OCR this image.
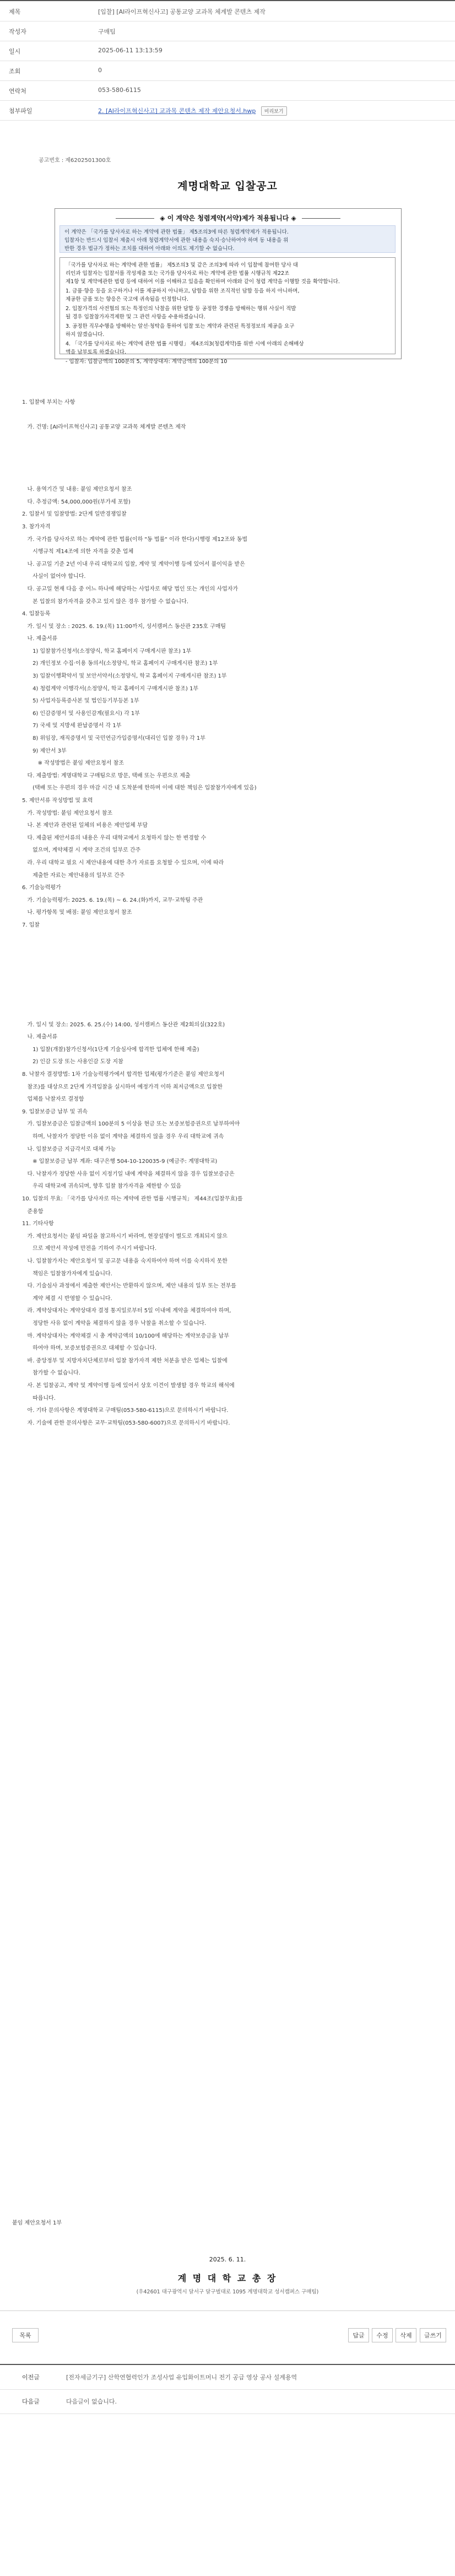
제목	[입찰] [AI라이프혁신사고] 공통교양 교과목 체계발 콘텐츠 제작
작성자	구매팀
일시	2025-06-11 13:13:59
조회	0
연락처	053-580-6115
첨부파일	2. [AI라이프혁신사고] 교과목 콘텐츠 제작 제안요청서.hwp 미리보기
공고번호 : 제6202501300호
계명대학교 입찰공고
◈ 이 계약은 청렴계약(서약)제가 적용됩니다 ◈
이 계약은 「국가를 당사자로 하는 계약에 관한 법률」 제5조의3에 따른 청렴계약제가 적용됩니다.
입찰자는 반드시 입찰서 제출시 아래 청렴계약서에 관한 내용을 숙지·승낙하여야 하며 동 내용을 위
반한 경우 법규가 정하는 조치를 대하여 아래와 이의도 제기할 수 없습니다.

「국가를 당사자로 하는 계약에 관한 법률」 제5조의3 및 같은 조의3에 따라 이 입찰에 참여한 당사 대
리인과 입찰자는 입찰서를 작성제출 또는 국가를 당사자로 하는 계약에 관한 법률 시행규칙 제22조
제1항 및 계약에관한 법령 등에 대하여 이를 이해하고 있음을 확인하며 아래와 같이 청렴 계약을 이행할 것을 확약합니다.

1. 금품·향응 등을 요구하거나 이를 제공하지 아니하고, 담합을 위한 조직적인 담합 등을 하지 아니하며,
제공한 금품 또는 향응은 국고에 귀속됨을 인정합니다.

2. 입찰가격의 사전협의 또는 특정인의 낙찰을 위한 담합 등 공정한 경쟁을 방해하는 행위 사실이 적발
될 경우 입찰참가자격제한 및 그 관련 사항을 수용하겠습니다.

3. 공정한 직무수행을 방해하는 알선·청탁을 통하여 입찰 또는 계약과 관련된 특정정보의 제공을 요구
하지 않겠습니다.

4. 「국가를 당사자로 하는 계약에 관한 법률 시행령」 제4조의3(청렴계약)를 위반 시에 아래의 손해배상
액을 납부토록 하겠습니다.

- 입찰자: 입찰금액의 100분의 5, 계약상대자: 계약금액의 100분의 10

1. 입찰에 부치는 사항

가. 건명: [AI라이프혁신사고] 공통교양 교과목 체계발 콘텐츠 제작

나. 용역기간 및 내용: 붙임 제안요청서 참조
다. 추정금액: 54,000,000원(부가세 포함)
2. 입찰서 및 입찰방법: 2단계 일반경쟁입찰
3. 참가자격
가. 국가를 당사자로 하는 계약에 관한 법률(이하 "동 법률" 이라 한다)시행령 제12조와 동법
시행규칙 제14조에 의한 자격을 갖춘 업체
나. 공고일 기준 2년 이내 우리 대학교의 입찰, 계약 및 계약이행 등에 있어서 불이익을 받은
사실이 없어야 합니다.
다. 공고일 현재 다음 중 어느 하나에 해당하는 사업자로 해당 법인 또는 개인의 사업자가
본 입찰의 참가자격을 갖추고 있지 않은 경우 참가할 수 없습니다.
4. 입찰등록
가. 일시 및 장소 : 2025. 6. 19.(목) 11:00까지, 성서캠퍼스 동산관 235호 구매팀
나. 제출서류
1) 입찰참가신청서(소정양식, 학교 홈페이지 구매게시판 참조) 1부
2) 개인정보 수집·이용 동의서(소정양식, 학교 홈페이지 구매게시판 참조) 1부
3) 입찰이행확약서 및 보안서약서(소정양식, 학교 홈페이지 구매게시판 참조) 1부
4) 청렴계약 이행각서(소정양식, 학교 홈페이지 구매게시판 참조) 1부
5) 사업자등록증사본 및 법인등기부등본 1부
6) 인감증명서 및 사용인감계(필요시) 각 1부
7) 국세 및 지방세 완납증명서 각 1부
8) 위임장, 재직증명서 및 국민연금가입증명서(대리인 입찰 경우) 각 1부
9) 제안서 3부
※ 작성방법은 붙임 제안요청서 참조
다. 제출방법: 계명대학교 구매팀으로 방문, 택배 또는 우편으로 제출
(택배 또는 우편의 경우 마감 시간 내 도착분에 한하며 이에 대한 책임은 입찰참가자에게 있음)
5. 제안서류 작성방법 및 효력
가. 작성방법: 붙임 제안요청서 참조
나. 본 제안과 관련된 일체의 비용은 제안업체 부담
다. 제출된 제안서류의 내용은 우리 대학교에서 요청하지 않는 한 변경할 수
없으며, 계약체결 시 계약 조건의 일부로 간주
라. 우리 대학교 필요 시 제안내용에 대한 추가 자료를 요청할 수 있으며, 이에 따라
제출한 자료는 제안내용의 일부로 간주
6. 기술능력평가
가. 기술능력평가: 2025. 6. 19.(목) ~ 6. 24.(화)까지, 교무·교학팀 주관
나. 평가항목 및 배점: 붙임 제안요청서 참조
7. 입찰

가. 일시 및 장소: 2025. 6. 25.(수) 14:00, 성서캠퍼스 동산관 제2회의실(322호)
나. 제출서류
1) 입찰(개찰)참가신청서(1단계 기술심사에 합격한 업체에 한해 제출)
2) 인감 도장 또는 사용인감 도장 지참
8. 낙찰자 결정방법: 1차 기술능력평가에서 합격한 업체(평가기준은 붙임 제안요청서
참조)를 대상으로 2단계 가격입찰을 실시하여 예정가격 이하 최저금액으로 입찰한
업체를 낙찰자로 결정함
9. 입찰보증금 납부 및 귀속
가. 입찰보증금은 입찰금액의 100분의 5 이상을 현금 또는 보증보험증권으로 납부하여야
하며, 낙찰자가 정당한 이유 없이 계약을 체결하지 않을 경우 우리 대학교에 귀속
나. 입찰보증금 지급각서로 대체 가능
※ 입찰보증금 납부 계좌: 대구은행 504-10-120035-9 (예금주: 계명대학교)
다. 낙찰자가 정당한 사유 없이 지정기일 내에 계약을 체결하지 않을 경우 입찰보증금은
우리 대학교에 귀속되며, 향후 입찰 참가자격을 제한할 수 있음
10. 입찰의 무효: 「국가를 당사자로 하는 계약에 관한 법률 시행규칙」 제44조(입찰무효)를
준용함
11. 기타사항
가. 제안요청서는 붙임 파일을 참고하시기 바라며, 현장설명이 별도로 개최되지 않으
므로 제안서 작성에 만전을 기하여 주시기 바랍니다.
나. 입찰참가자는 제안요청서 및 공고문 내용을 숙지하여야 하며 이를 숙지하지 못한
책임은 입찰참가자에게 있습니다.
다. 기술심사 과정에서 제출한 제안서는 반환하지 않으며, 제안 내용의 일부 또는 전부를
계약 체결 시 반영할 수 있습니다.
라. 계약상대자는 계약상대자 결정 통지일로부터 5일 이내에 계약을 체결하여야 하며,
정당한 사유 없이 계약을 체결하지 않을 경우 낙찰을 취소할 수 있습니다.
마. 계약상대자는 계약체결 시 총 계약금액의 10/100에 해당하는 계약보증금을 납부
하여야 하며, 보증보험증권으로 대체할 수 있습니다.
바. 중앙정부 및 지방자치단체로부터 입찰 참가자격 제한 처분을 받은 업체는 입찰에
참가할 수 없습니다.
사. 본 입찰공고, 계약 및 계약이행 등에 있어서 상호 이견이 발생할 경우 학교의 해석에
따릅니다.
아. 기타 문의사항은 계명대학교 구매팀(053-580-6115)으로 문의하시기 바랍니다.
자. 기술에 관한 문의사항은 교무·교학팀(053-580-6007)으로 문의하시기 바랍니다.
붙임 제안요청서 1부
2025. 6. 11.
계 명 대 학 교 총 장
(우42601 대구광역시 달서구 달구벌대로 1095 계명대학교 성서캠퍼스 구매팀)
목록	답글	수정	삭제	글쓰기
이전글	[전자세금기구] 산학연협력인가 조성사업 유입화이트머니 전기 공급 영상 공사 설계용역
다음글	다음글이 없습니다.
